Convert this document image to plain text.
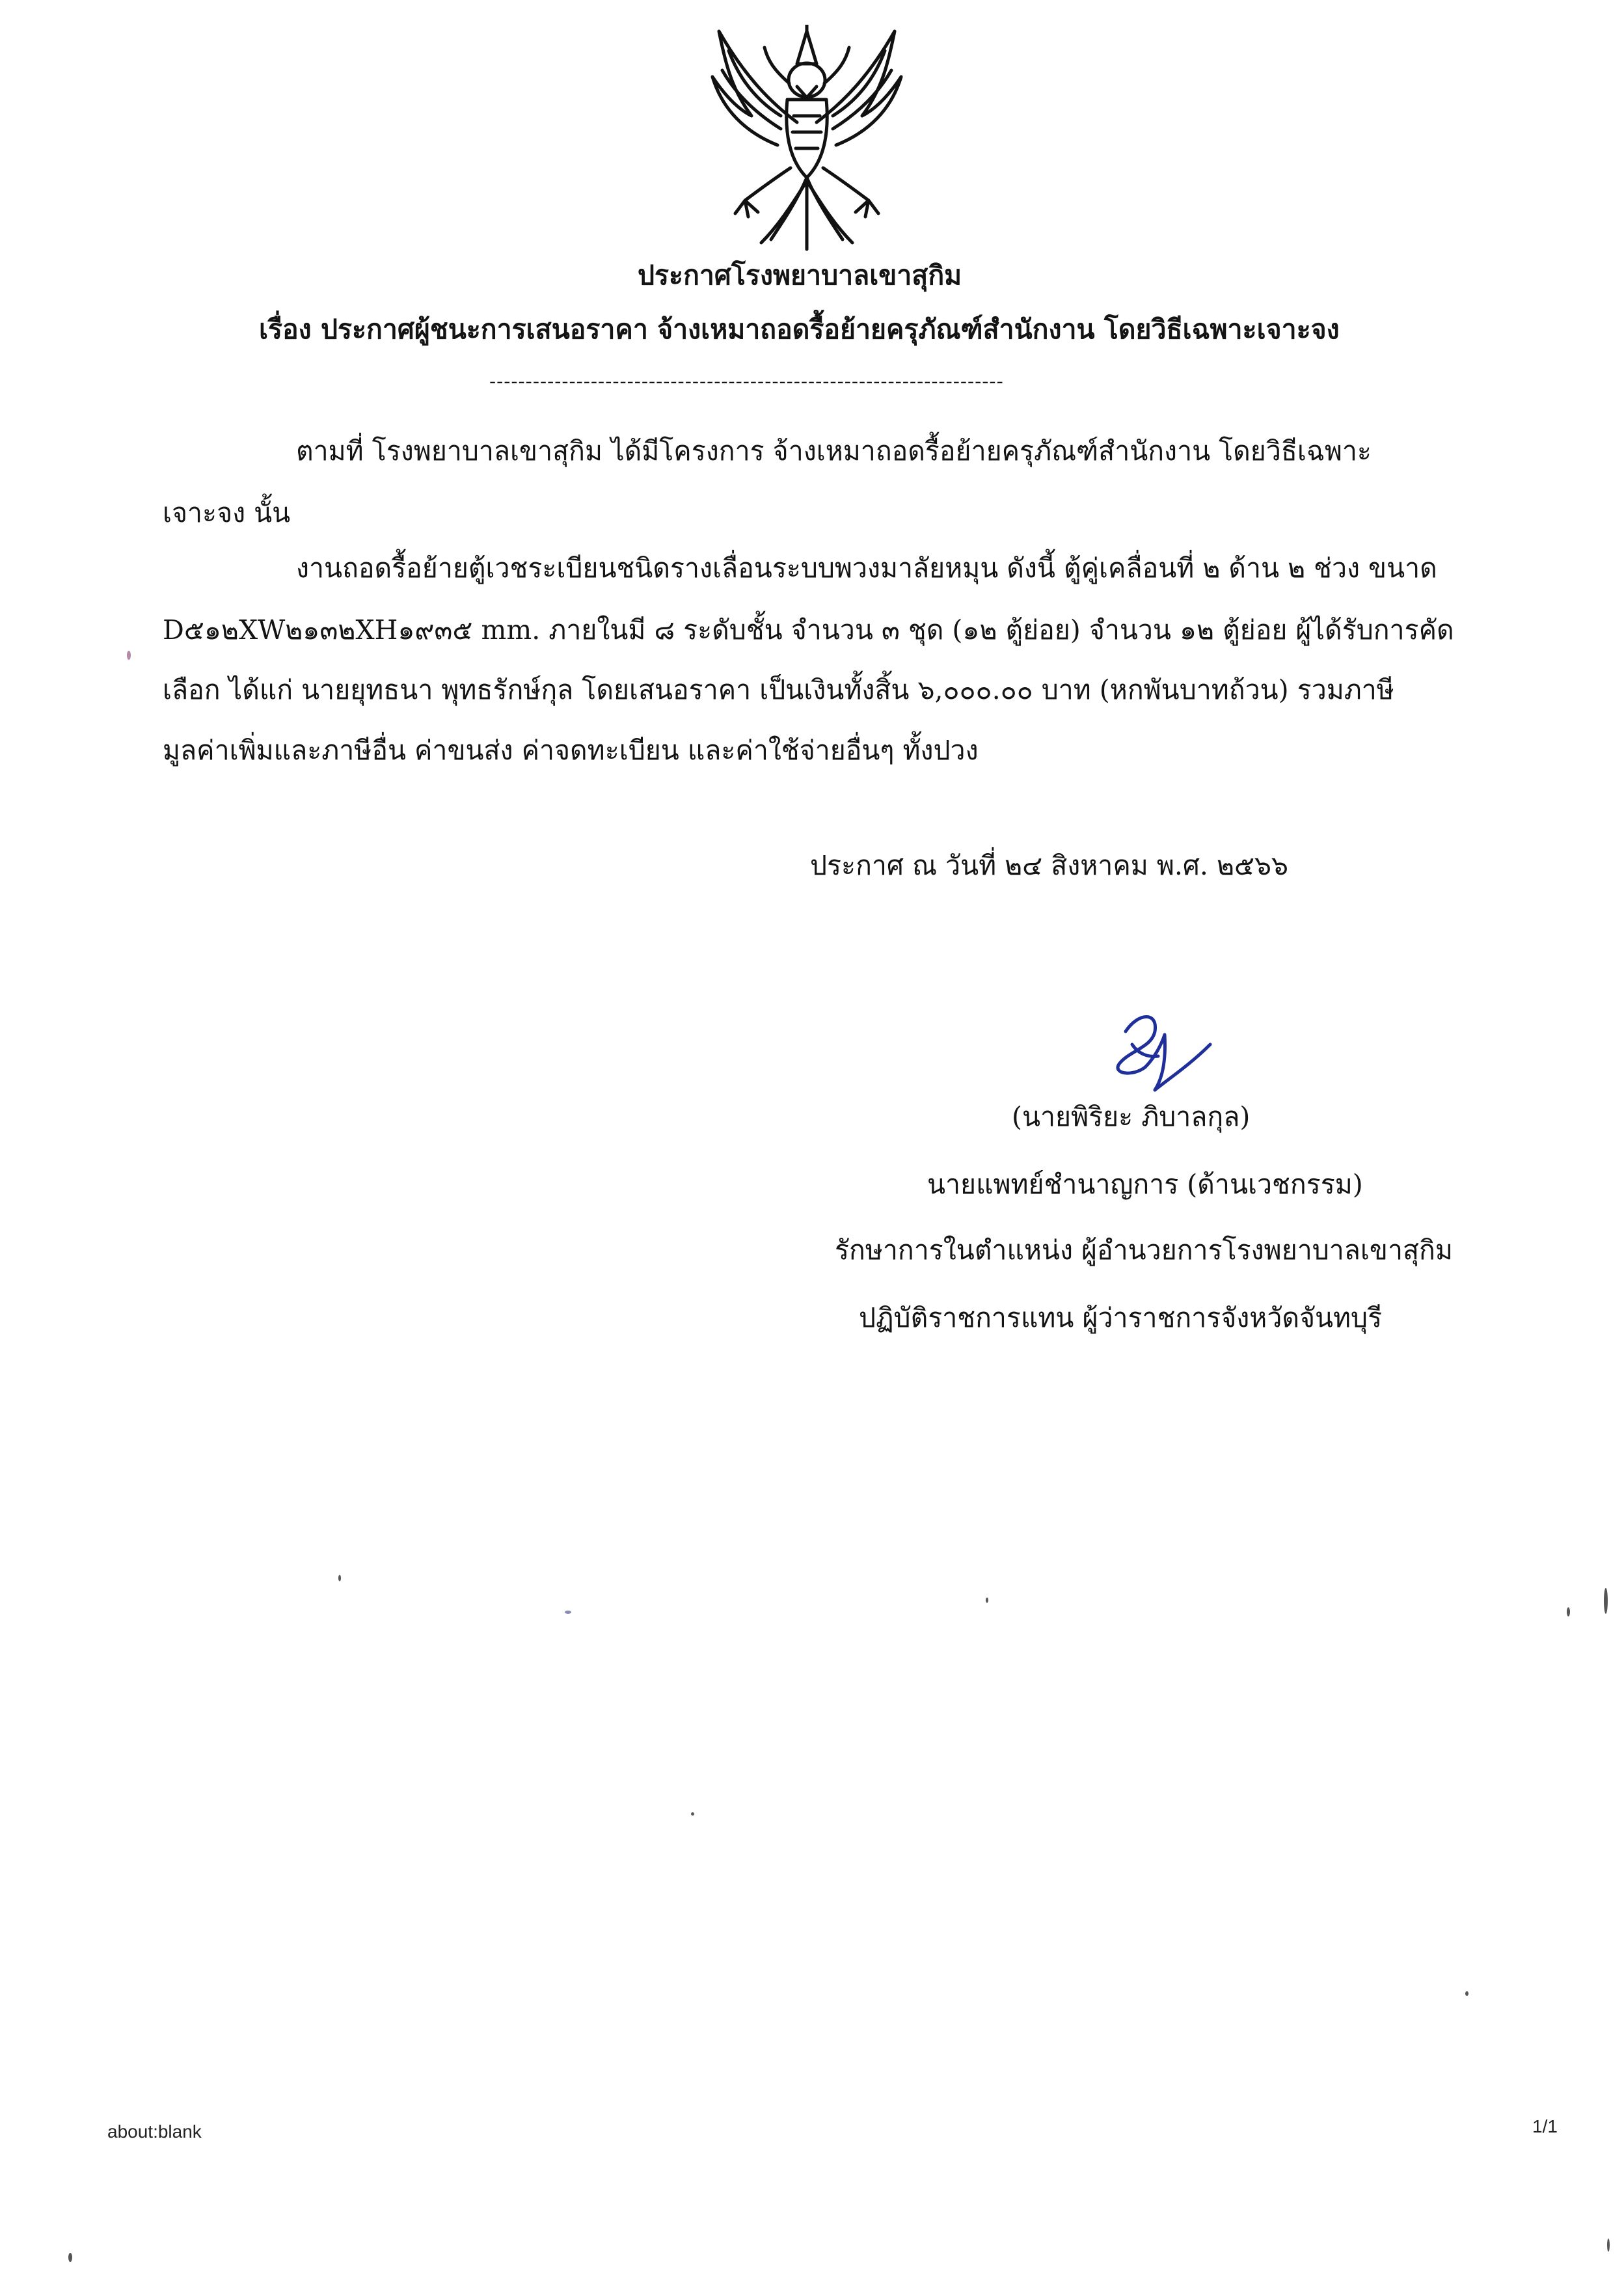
ประกาศโรงพยาบาลเขาสุกิม
เรื่อง ประกาศผู้ชนะการเสนอราคา จ้างเหมาถอดรื้อย้ายครุภัณฑ์สำนักงาน โดยวิธีเฉพาะเจาะจง
-----------------------------------------------------------------------
ตามที่ โรงพยาบาลเขาสุกิม ได้มีโครงการ จ้างเหมาถอดรื้อย้ายครุภัณฑ์สำนักงาน โดยวิธีเฉพาะ
เจาะจง นั้น
งานถอดรื้อย้ายตู้เวชระเบียนชนิดรางเลื่อนระบบพวงมาลัยหมุน ดังนี้ ตู้คู่เคลื่อนที่ ๒ ด้าน ๒ ช่วง ขนาด
D๕๑๒XW๒๑๓๒XH๑๙๓๕ mm. ภายในมี ๘ ระดับชั้น จำนวน ๓ ชุด (๑๒ ตู้ย่อย) จำนวน ๑๒ ตู้ย่อย ผู้ได้รับการคัด
เลือก ได้แก่ นายยุทธนา พุทธรักษ์กุล โดยเสนอราคา เป็นเงินทั้งสิ้น ๖,๐๐๐.๐๐ บาท (หกพันบาทถ้วน) รวมภาษี
มูลค่าเพิ่มและภาษีอื่น ค่าขนส่ง ค่าจดทะเบียน และค่าใช้จ่ายอื่นๆ ทั้งปวง
ประกาศ ณ วันที่ ๒๔ สิงหาคม พ.ศ. ๒๕๖๖
(นายพิริยะ ภิบาลกุล)
นายแพทย์ชำนาญการ (ด้านเวชกรรม)
รักษาการในตำแหน่ง ผู้อำนวยการโรงพยาบาลเขาสุกิม
ปฏิบัติราชการแทน ผู้ว่าราชการจังหวัดจันทบุรี
about:blank	1/1
